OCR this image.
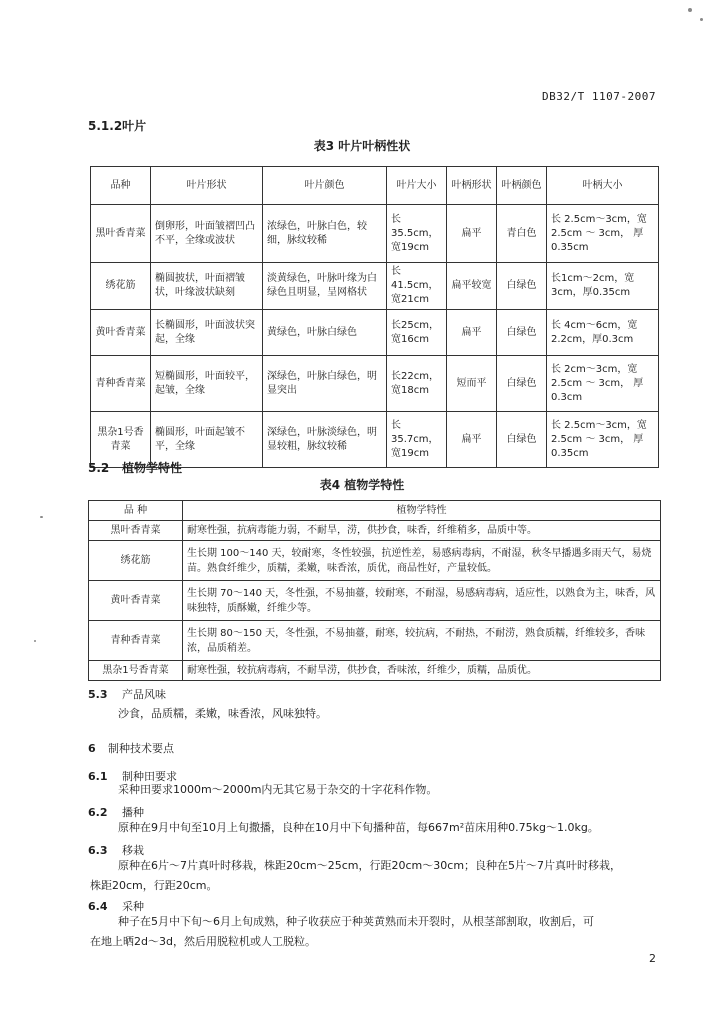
DB32/T 1107-2007
5.1.2叶片
表3 叶片叶柄性状
品种	叶片形状	叶片颜色	叶片大小	叶柄形状	叶柄颜色	叶柄大小
黑叶香青菜	倒卵形，叶面皱褶凹凸不平，全缘或波状	浓绿色，叶脉白色，较细，脉纹较稀	长35.5cm，宽19cm	扁平	青白色	长 2.5cm～3cm，宽 2.5cm ～ 3cm， 厚 0.35cm
绣花筋	椭圆披状，叶面褶皱状，叶缘波状缺刻	淡黄绿色，叶脉叶缘为白绿色且明显，呈网格状	长41.5cm，宽21cm	扁平较宽	白绿色	长1cm～2cm，宽3cm，厚0.35cm
黄叶香青菜	长椭圆形，叶面波状突起，全缘	黄绿色，叶脉白绿色	长25cm，宽16cm	扁平	白绿色	长 4cm～6cm，宽 2.2cm，厚0.3cm
青种香青菜	短椭圆形，叶面较平，起皱，全缘	深绿色，叶脉白绿色，明显突出	长22cm，宽18cm	短而平	白绿色	长 2cm～3cm，宽 2.5cm ～ 3cm， 厚 0.3cm
黑杂1号香青菜	椭圆形，叶面起皱不平，全缘	深绿色，叶脉淡绿色，明显较粗，脉纹较稀	长35.7cm，宽19cm	扁平	白绿色	长 2.5cm～3cm，宽 2.5cm ～ 3cm， 厚 0.35cm
5.2 植物学特性
表4 植物学特性
品 种	植物学特性
黑叶香青菜	耐寒性强，抗病毒能力弱，不耐旱，涝，供抄食，味香，纤维稍多，品质中等。
绣花筋	生长期 100～140 天，较耐寒，冬性较强，抗逆性差，易感病毒病，不耐湿，秋冬早播遇多雨天气，易烧苗。熟食纤维少，质糯，柔嫩，味香浓，质优，商品性好，产量较低。
黄叶香青菜	生长期 70～140 天，冬性强，不易抽薹，较耐寒，不耐湿，易感病毒病，适应性，以熟食为主，味香，风味独特，质酥嫩，纤维少等。
青种香青菜	生长期 80～150 天，冬性强，不易抽薹，耐寒，较抗病，不耐热，不耐涝，熟食质糯，纤维较多，香味浓，品质稍差。
黑杂1号香青菜	耐寒性强，较抗病毒病，不耐旱涝，供抄食，香味浓，纤维少，质糯，品质优。
5.3 产品风味
沙食，品质糯，柔嫩，味香浓，风味独特。
6 制种技术要点
6.1 制种田要求
采种田要求1000m～2000m内无其它易于杂交的十字花科作物。
6.2 播种
原种在9月中旬至10月上旬撒播，良种在10月中下旬播种苗，每667m²苗床用种0.75kg～1.0kg。
6.3 移栽
原种在6片～7片真叶时移栽，株距20cm～25cm，行距20cm～30cm；良种在5片～7片真叶时移栽，
株距20cm，行距20cm。
6.4 采种
种子在5月中下旬～6月上旬成熟，种子收获应于种荚黄熟而未开裂时，从根茎部割取，收割后，可
在地上晒2d～3d，然后用脱粒机或人工脱粒。
2
